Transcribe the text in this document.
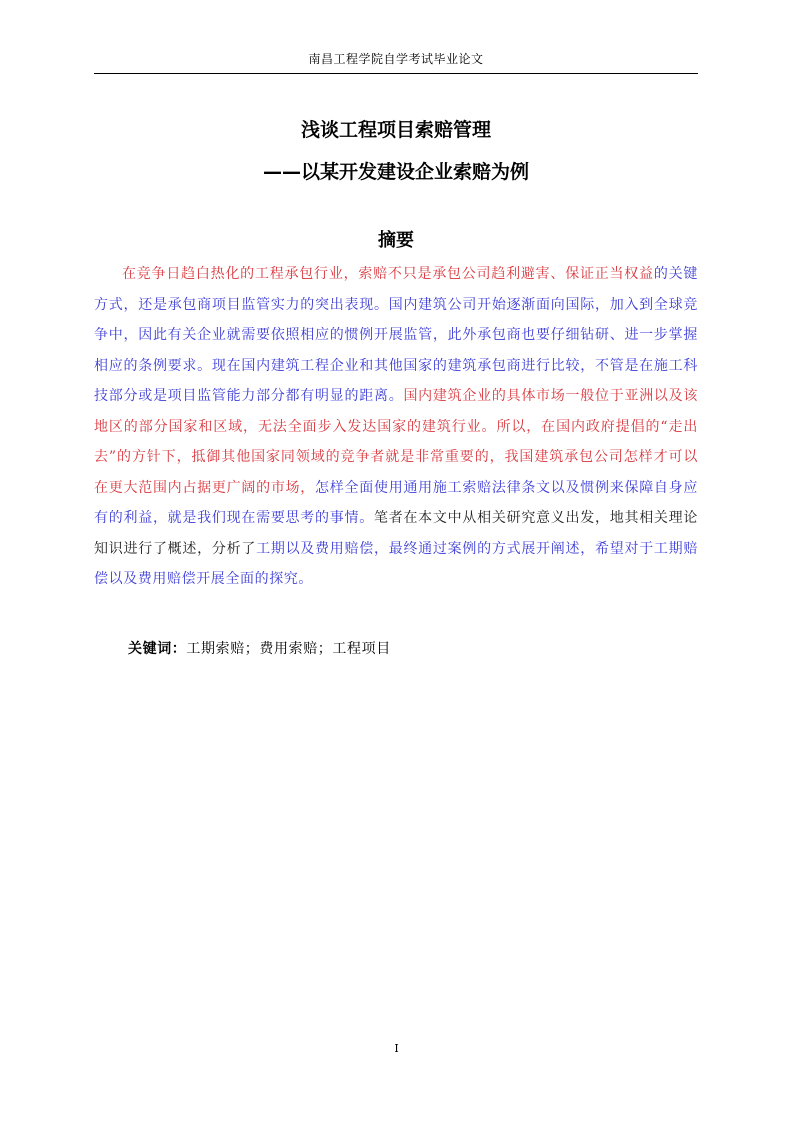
南昌工程学院自学考试毕业论文
浅谈工程项目索赔管理
——以某开发建设企业索赔为例
摘要

在竞争日趋白热化的工程承包行业，索赔不只是承包公司趋利避害、保证正当权益的关键方式，还是承包商项目监管实力的突出表现。国内建筑公司开始逐渐面向国际，加入到全球竞争中，因此有关企业就需要依照相应的惯例开展监管，此外承包商也要仔细钻研、进一步掌握相应的条例要求。现在国内建筑工程企业和其他国家的建筑承包商进行比较，不管是在施工科技部分或是项目监管能力部分都有明显的距离。国内建筑企业的具体市场一般位于亚洲以及该地区的部分国家和区域，无法全面步入发达国家的建筑行业。所以，在国内政府提倡的“走出去”的方针下，抵御其他国家同领域的竞争者就是非常重要的，我国建筑承包公司怎样才可以在更大范围内占据更广阔的市场，怎样全面使用通用施工索赔法律条文以及惯例来保障自身应有的利益，就是我们现在需要思考的事情。笔者在本文中从相关研究意义出发，地其相关理论知识进行了概述，分析了工期以及费用赔偿，最终通过案例的方式展开阐述，希望对于工期赔偿以及费用赔偿开展全面的探究。

关键词：工期索赔；费用索赔；工程项目
I
